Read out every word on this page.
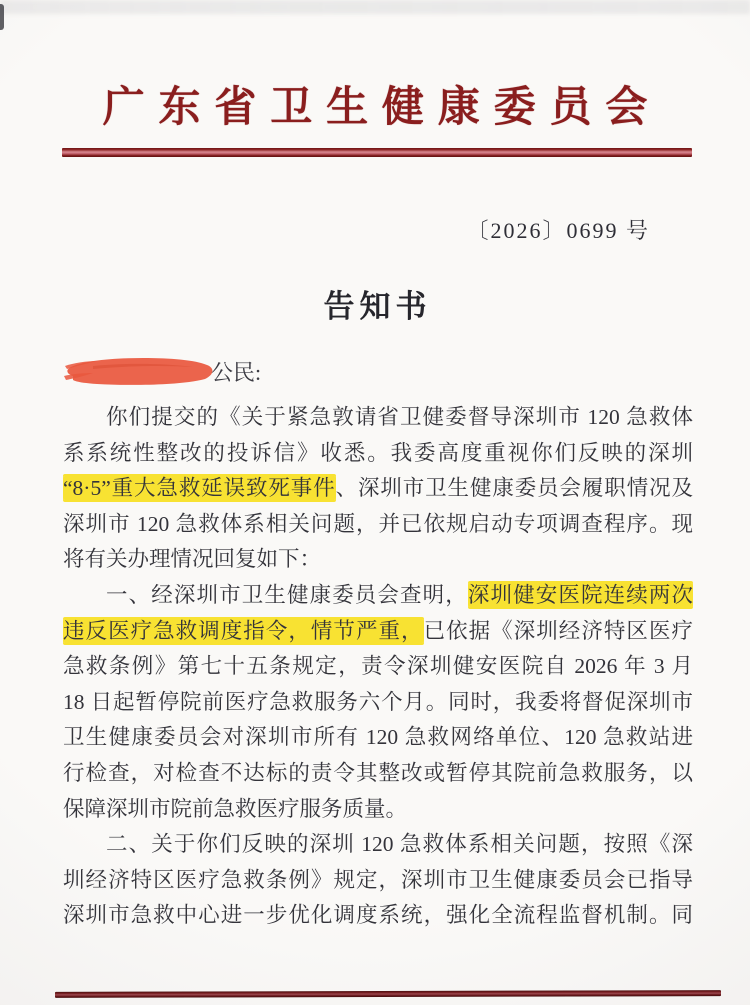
广东省卫生健康委员会
〔2026〕0699 号
告知书
公民:
你们提交的《关于紧急敦请省卫健委督导深圳市 120 急救体
系系统性整改的投诉信》收悉。我委高度重视你们反映的深圳
“8·5”重大急救延误致死事件、深圳市卫生健康委员会履职情况及
深圳市 120 急救体系相关问题，并已依规启动专项调查程序。现
将有关办理情况回复如下：
一、经深圳市卫生健康委员会查明，深圳健安医院连续两次
违反医疗急救调度指令，情节严重，已依据《深圳经济特区医疗
急救条例》第七十五条规定，责令深圳健安医院自 2026 年 3 月
18 日起暂停院前医疗急救服务六个月。同时，我委将督促深圳市
卫生健康委员会对深圳市所有 120 急救网络单位、120 急救站进
行检查，对检查不达标的责令其整改或暂停其院前急救服务，以
保障深圳市院前急救医疗服务质量。
二、关于你们反映的深圳 120 急救体系相关问题，按照《深
圳经济特区医疗急救条例》规定，深圳市卫生健康委员会已指导
深圳市急救中心进一步优化调度系统，强化全流程监督机制。同
